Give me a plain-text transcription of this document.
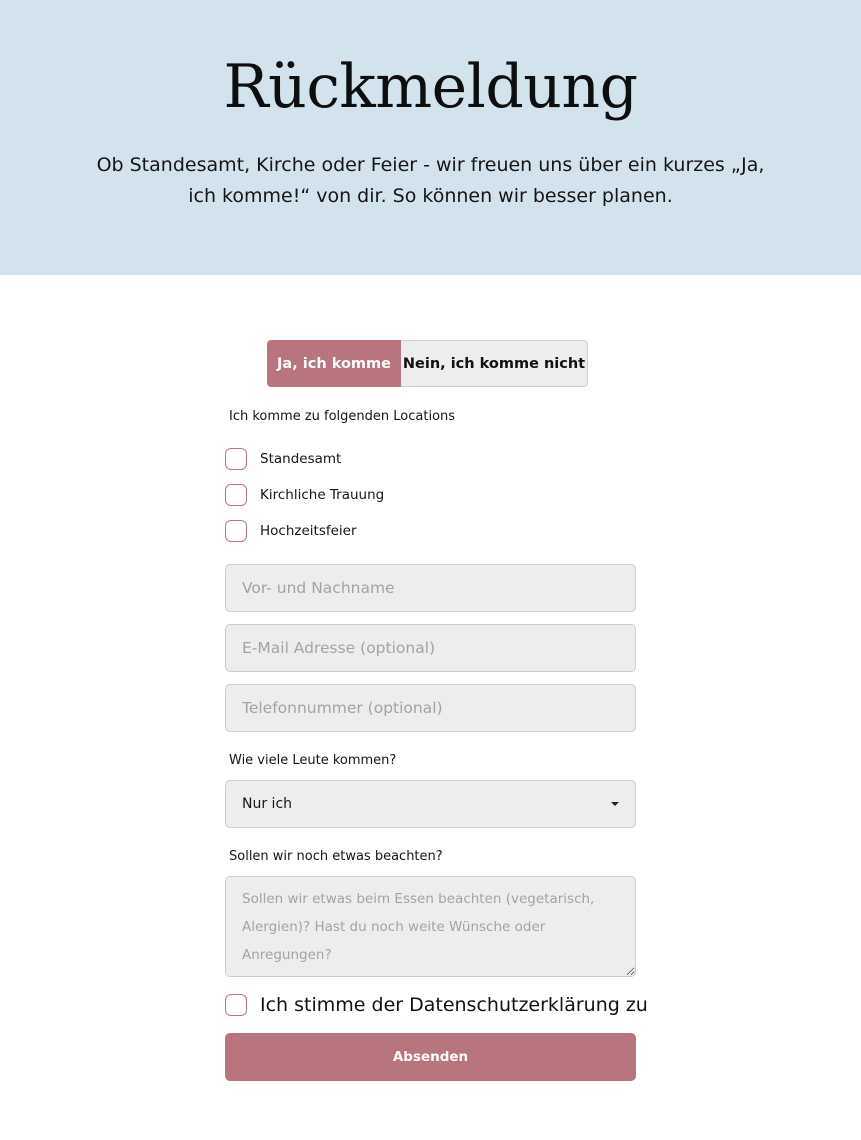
Rückmeldung

Ob Standesamt, Kirche oder Feier - wir freuen uns über ein kurzes „Ja, ich komme!“ von dir. So können wir besser planen.

Ja, ich komme Nein, ich komme nicht

Ich komme zu folgenden Locations

Standesamt
Kirchliche Trauung
Hochzeitsfeier
Vor- und Nachname
E-Mail Adresse (optional)
Telefonnummer (optional)

Wie viele Leute kommen?

Nur ich

Sollen wir noch etwas beachten?

Sollen wir etwas beim Essen beachten (vegetarisch, Alergien)? Hast du noch weite Wünsche oder Anregungen?
Ich stimme der Datenschutzerklärung zu
Absenden
